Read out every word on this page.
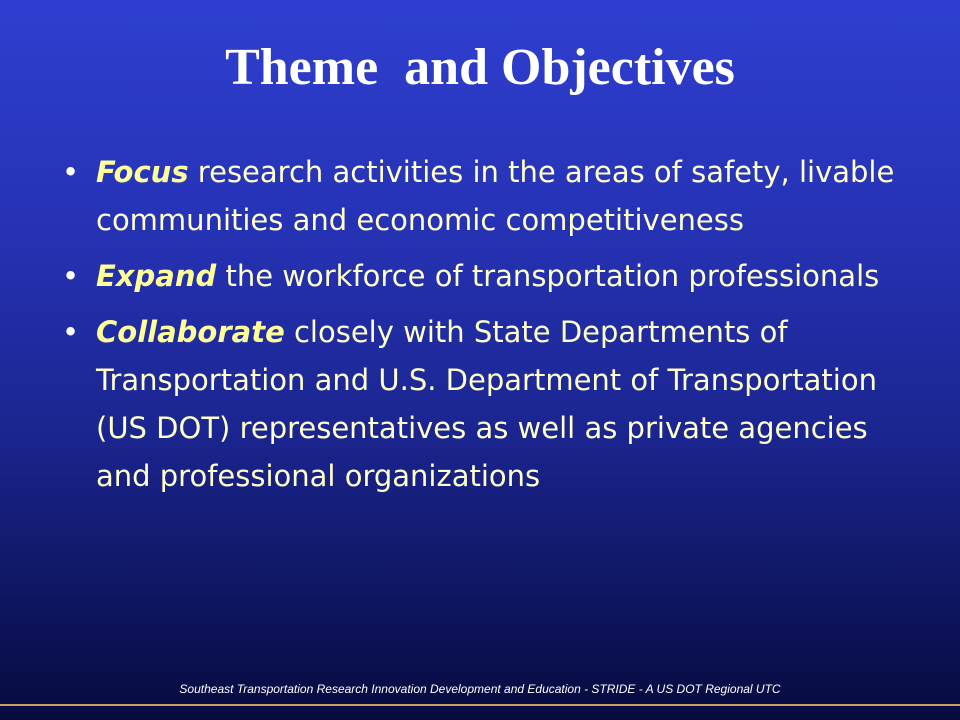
Theme  and Objectives
• Focus research activities in the areas of safety, livable communities and economic competitiveness
• Expand the workforce of transportation professionals
• Collaborate closely with State Departments of Transportation and U.S. Department of Transportation (US DOT) representatives as well as private agencies and professional organizations
Southeast Transportation Research Innovation Development and Education - STRIDE - A US DOT Regional UTC
